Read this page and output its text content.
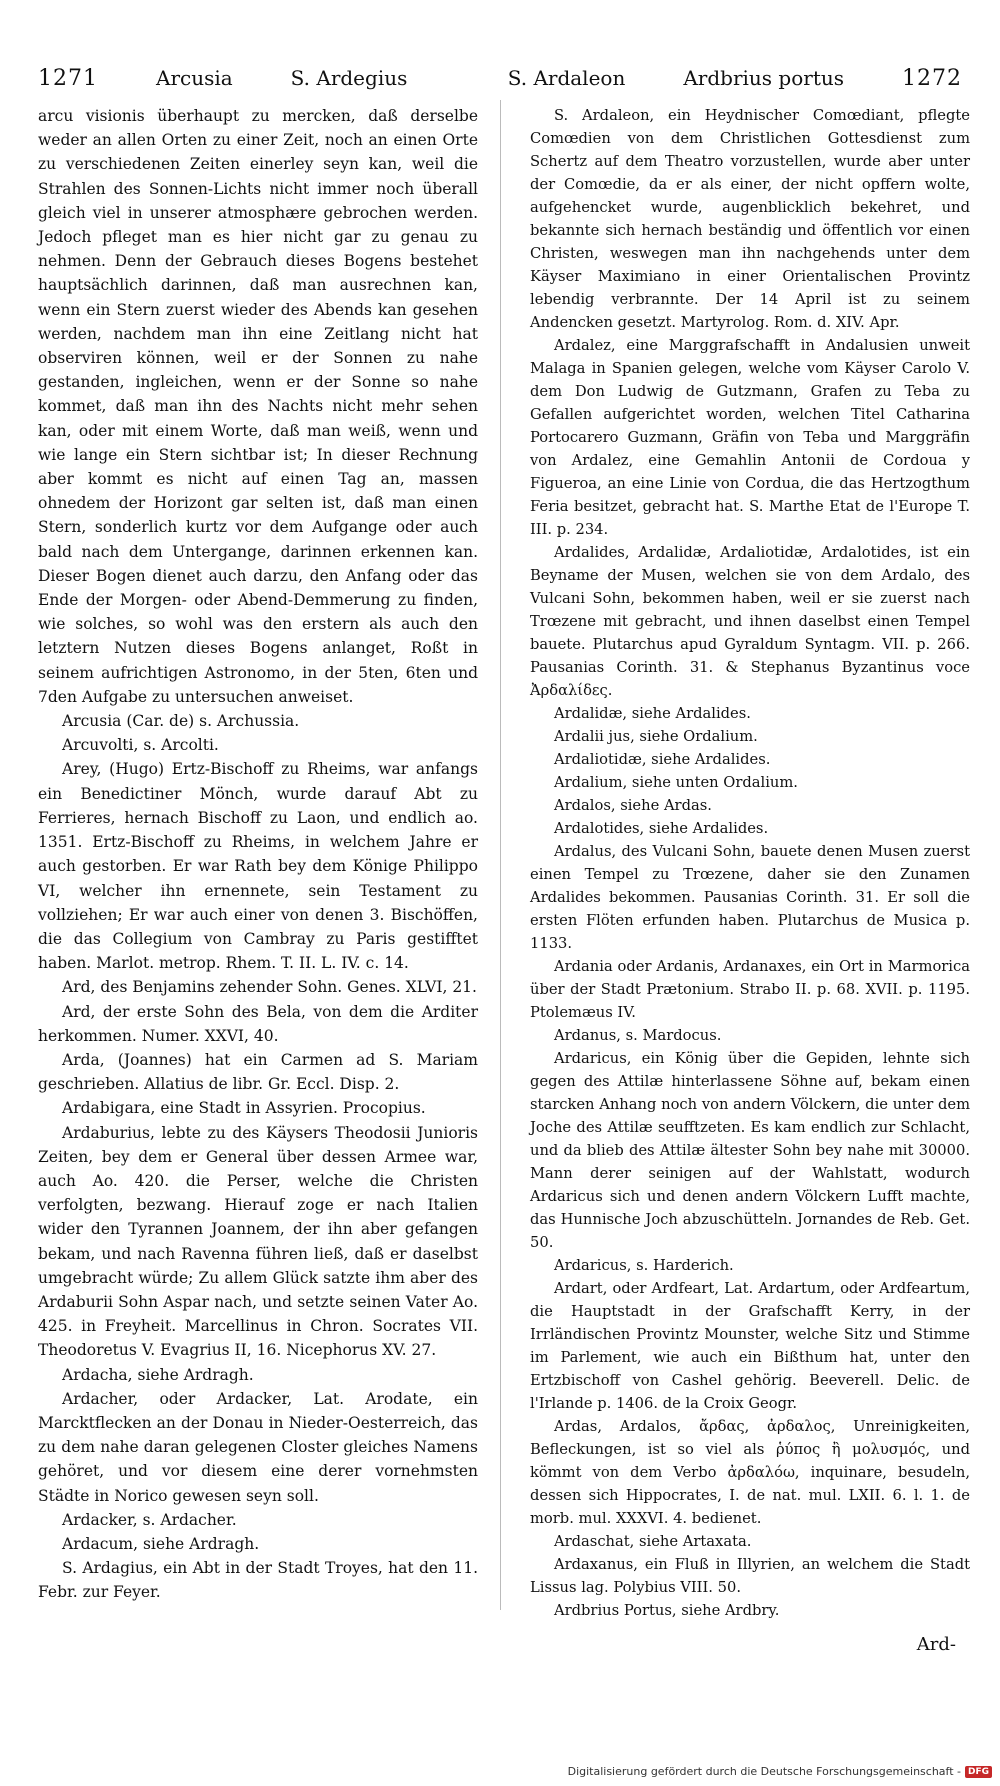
1271	Arcusia	S. Ardegius	S. Ardaleon	Ardbrius portus	1272

arcu visionis überhaupt zu mercken, daß derselbe weder an allen Orten zu einer Zeit, noch an einen Orte zu verschiedenen Zeiten einerley seyn kan, weil die Strahlen des Sonnen-Lichts nicht immer noch überall gleich viel in unserer atmosphære gebrochen werden. Jedoch pfleget man es hier nicht gar zu genau zu nehmen. Denn der Gebrauch dieses Bogens bestehet hauptsächlich darinnen, daß man ausrechnen kan, wenn ein Stern zuerst wieder des Abends kan gesehen werden, nachdem man ihn eine Zeitlang nicht hat observiren können, weil er der Sonnen zu nahe gestanden, ingleichen, wenn er der Sonne so nahe kommet, daß man ihn des Nachts nicht mehr sehen kan, oder mit einem Worte, daß man weiß, wenn und wie lange ein Stern sichtbar ist; In dieser Rechnung aber kommt es nicht auf einen Tag an, massen ohnedem der Horizont gar selten ist, daß man einen Stern, sonderlich kurtz vor dem Aufgange oder auch bald nach dem Untergange, darinnen erkennen kan. Dieser Bogen dienet auch darzu, den Anfang oder das Ende der Morgen- oder Abend-Demmerung zu finden, wie solches, so wohl was den erstern als auch den letztern Nutzen dieses Bogens anlanget, Roßt in seinem aufrichtigen Astronomo, in der 5ten, 6ten und 7den Aufgabe zu untersuchen anweiset.

Arcusia (Car. de) s. Archussia.

Arcuvolti, s. Arcolti.

Arey, (Hugo) Ertz-Bischoff zu Rheims, war anfangs ein Benedictiner Mönch, wurde darauf Abt zu Ferrieres, hernach Bischoff zu Laon, und endlich ao. 1351. Ertz-Bischoff zu Rheims, in welchem Jahre er auch gestorben. Er war Rath bey dem Könige Philippo VI, welcher ihn ernennete, sein Testament zu vollziehen; Er war auch einer von denen 3. Bischöffen, die das Collegium von Cambray zu Paris gestifftet haben. Marlot. metrop. Rhem. T. II. L. IV. c. 14.

Ard, des Benjamins zehender Sohn. Genes. XLVI, 21.

Ard, der erste Sohn des Bela, von dem die Arditer herkommen. Numer. XXVI, 40.

Arda, (Joannes) hat ein Carmen ad S. Mariam geschrieben. Allatius de libr. Gr. Eccl. Disp. 2.

Ardabigara, eine Stadt in Assyrien. Procopius.

Ardaburius, lebte zu des Käysers Theodosii Junioris Zeiten, bey dem er General über dessen Armee war, auch Ao. 420. die Perser, welche die Christen verfolgten, bezwang. Hierauf zoge er nach Italien wider den Tyrannen Joannem, der ihn aber gefangen bekam, und nach Ravenna führen ließ, daß er daselbst umgebracht würde; Zu allem Glück satzte ihm aber des Ardaburii Sohn Aspar nach, und setzte seinen Vater Ao. 425. in Freyheit. Marcellinus in Chron. Socrates VII. Theodoretus V. Evagrius II, 16. Nicephorus XV. 27.

Ardacha, siehe Ardragh.

Ardacher, oder Ardacker, Lat. Arodate, ein Marcktflecken an der Donau in Nieder-Oesterreich, das zu dem nahe daran gelegenen Closter gleiches Namens gehöret, und vor diesem eine derer vornehmsten Städte in Norico gewesen seyn soll.

Ardacker, s. Ardacher.

Ardacum, siehe Ardragh.

S. Ardagius, ein Abt in der Stadt Troyes, hat den 11. Febr. zur Feyer.

S. Ardaleon, ein Heydnischer Comœdiant, pflegte Comœdien von dem Christlichen Gottesdienst zum Schertz auf dem Theatro vorzustellen, wurde aber unter der Comœdie, da er als einer, der nicht opffern wolte, aufgehencket wurde, augenblicklich bekehret, und bekannte sich hernach beständig und öffentlich vor einen Christen, weswegen man ihn nachgehends unter dem Käyser Maximiano in einer Orientalischen Provintz lebendig verbrannte. Der 14 April ist zu seinem Andencken gesetzt. Martyrolog. Rom. d. XIV. Apr.

Ardalez, eine Marggrafschafft in Andalusien unweit Malaga in Spanien gelegen, welche vom Käyser Carolo V. dem Don Ludwig de Gutzmann, Grafen zu Teba zu Gefallen aufgerichtet worden, welchen Titel Catharina Portocarero Guzmann, Gräfin von Teba und Marggräfin von Ardalez, eine Gemahlin Antonii de Cordoua y Figueroa, an eine Linie von Cordua, die das Hertzogthum Feria besitzet, gebracht hat. S. Marthe Etat de l'Europe T. III. p. 234.

Ardalides, Ardalidæ, Ardaliotidæ, Ardalotides, ist ein Beyname der Musen, welchen sie von dem Ardalo, des Vulcani Sohn, bekommen haben, weil er sie zuerst nach Trœzene mit gebracht, und ihnen daselbst einen Tempel bauete. Plutarchus apud Gyraldum Syntagm. VII. p. 266. Pausanias Corinth. 31. & Stephanus Byzantinus voce Ἀρδαλίδες.

Ardalidæ, siehe Ardalides.

Ardalii jus, siehe Ordalium.

Ardaliotidæ, siehe Ardalides.

Ardalium, siehe unten Ordalium.

Ardalos, siehe Ardas.

Ardalotides, siehe Ardalides.

Ardalus, des Vulcani Sohn, bauete denen Musen zuerst einen Tempel zu Trœzene, daher sie den Zunamen Ardalides bekommen. Pausanias Corinth. 31. Er soll die ersten Flöten erfunden haben. Plutarchus de Musica p. 1133.

Ardania oder Ardanis, Ardanaxes, ein Ort in Marmorica über der Stadt Prætonium. Strabo II. p. 68. XVII. p. 1195. Ptolemæus IV.

Ardanus, s. Mardocus.

Ardaricus, ein König über die Gepiden, lehnte sich gegen des Attilæ hinterlassene Söhne auf, bekam einen starcken Anhang noch von andern Völckern, die unter dem Joche des Attilæ seufftzeten. Es kam endlich zur Schlacht, und da blieb des Attilæ ältester Sohn bey nahe mit 30000. Mann derer seinigen auf der Wahlstatt, wodurch Ardaricus sich und denen andern Völckern Lufft machte, das Hunnische Joch abzuschütteln. Jornandes de Reb. Get. 50.

Ardaricus, s. Harderich.

Ardart, oder Ardfeart, Lat. Ardartum, oder Ardfeartum, die Hauptstadt in der Grafschafft Kerry, in der Irrländischen Provintz Mounster, welche Sitz und Stimme im Parlement, wie auch ein Bißthum hat, unter den Ertzbischoff von Cashel gehörig. Beeverell. Delic. de l'Irlande p. 1406. de la Croix Geogr.

Ardas, Ardalos, ἄρδας, ἀρδαλος, Unreinigkeiten, Befleckungen, ist so viel als ῥύπος ἢ μολυσμός, und kömmt von dem Verbo ἀρδαλόω, inquinare, besudeln, dessen sich Hippocrates, I. de nat. mul. LXII. 6. l. 1. de morb. mul. XXXVI. 4. bedienet.

Ardaschat, siehe Artaxata.

Ardaxanus, ein Fluß in Illyrien, an welchem die Stadt Lissus lag. Polybius VIII. 50.

Ardbrius Portus, siehe Ardbry.

Ard-
Digitalisierung gefördert durch die Deutsche Forschungsgemeinschaft - DFG
